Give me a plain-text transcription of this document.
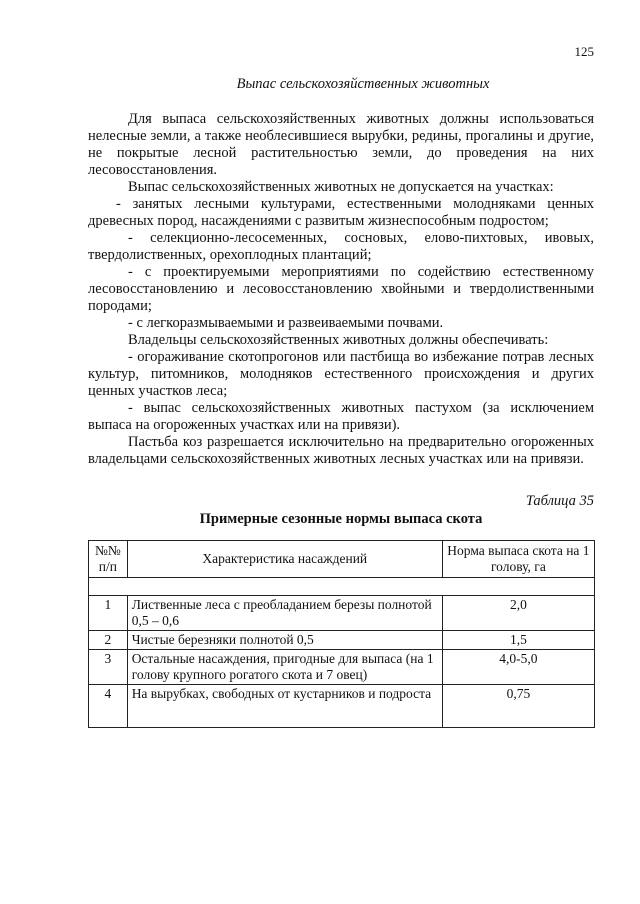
125
Выпас сельскохозяйственных животных

Для выпаса сельскохозяйственных животных должны использоваться нелесные земли, а также необлесившиеся вырубки, редины, прогалины и другие, не покрытые лесной растительностью земли, до проведения на них лесовосстановления.

Выпас сельскохозяйственных животных не допускается на участках:

- занятых лесными культурами, естественными молодняками ценных древесных пород, насаждениями с развитым жизнеспособным подростом;

- селекционно-лесосеменных, сосновых, елово-пихтовых, ивовых, твердолиственных, орехоплодных плантаций;

- с проектируемыми мероприятиями по содействию естественному лесовосстановлению и лесовосстановлению хвойными и твердолиственными породами;

- с легкоразмываемыми и развеиваемыми почвами.

Владельцы сельскохозяйственных животных должны обеспечивать:

- огораживание скотопрогонов или пастбища во избежание потрав лесных культур, питомников, молодняков естественного происхождения и других ценных участков леса;

- выпас сельскохозяйственных животных пастухом (за исключением выпаса на огороженных участках или на привязи).

Пастьба коз разрешается исключительно на предварительно огороженных владельцами сельскохозяйственных животных лесных участках или на привязи.

Таблица 35
Примерные сезонные нормы выпаса скота
№№ п/п	Характеристика насаждений	Норма выпаса скота на 1 голову, га

1	Лиственные леса с преобладанием березы полнотой 0,5 – 0,6	2,0
2	Чистые березняки полнотой 0,5	1,5
3	Остальные насаждения, пригодные для выпаса (на 1 голову крупного рогатого скота и 7 овец)	4,0-5,0
4	На вырубках, свободных от кустарников и подроста	0,75
